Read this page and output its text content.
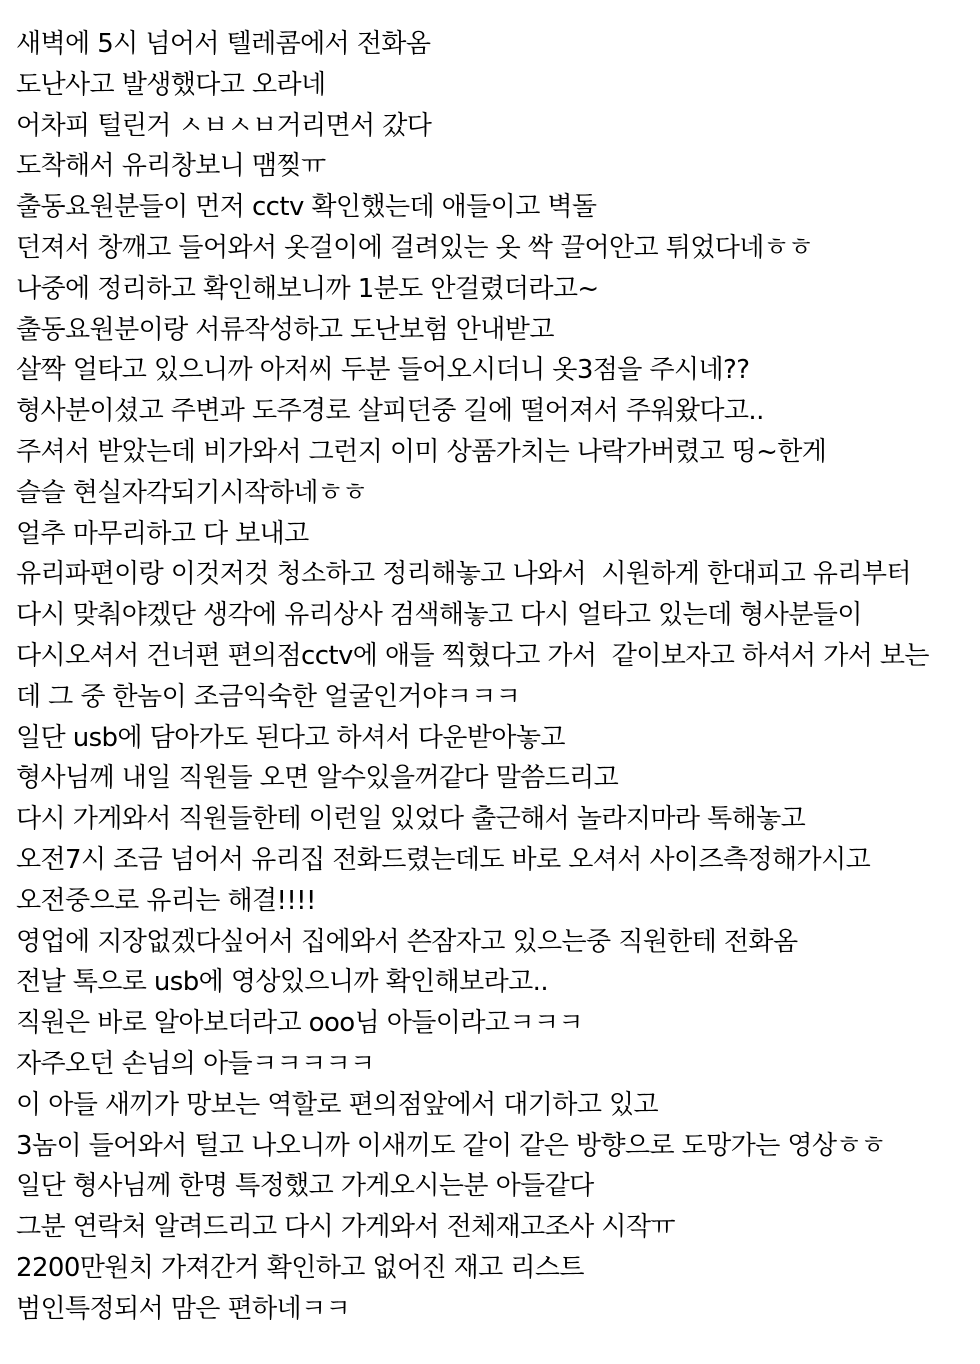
새벽에 5시 넘어서 텔레콤에서 전화옴
도난사고 발생했다고 오라네
어차피 털린거 ㅅㅂㅅㅂ거리면서 갔다
도착해서 유리창보니 맴찢ㅠ
출동요원분들이 먼저 cctv 확인했는데 애들이고 벽돌
던져서 창깨고 들어와서 옷걸이에 걸려있는 옷 싹 끌어안고 튀었다네ㅎㅎ
나중에 정리하고 확인해보니까 1분도 안걸렸더라고~
출동요원분이랑 서류작성하고 도난보험 안내받고
살짝 얼타고 있으니까 아저씨 두분 들어오시더니 옷3점을 주시네??
형사분이셨고 주변과 도주경로 살피던중 길에 떨어져서 주워왔다고..
주셔서 받았는데 비가와서 그런지 이미 상품가치는 나락가버렸고 띵~한게
슬슬 현실자각되기시작하네ㅎㅎ
얼추 마무리하고 다 보내고
유리파편이랑 이것저것 청소하고 정리해놓고 나와서  시원하게 한대피고 유리부터
다시 맞춰야겠단 생각에 유리상사 검색해놓고 다시 얼타고 있는데 형사분들이
다시오셔서 건너편 편의점cctv에 애들 찍혔다고 가서  같이보자고 하셔서 가서 보는
데 그 중 한놈이 조금익숙한 얼굴인거야ㅋㅋㅋ
일단 usb에 담아가도 된다고 하셔서 다운받아놓고
형사님께 내일 직원들 오면 알수있을꺼같다 말씀드리고
다시 가게와서 직원들한테 이런일 있었다 출근해서 놀라지마라 톡해놓고
오전7시 조금 넘어서 유리집 전화드렸는데도 바로 오셔서 사이즈측정해가시고
오전중으로 유리는 해결!!!!
영업에 지장없겠다싶어서 집에와서 쓴잠자고 있으는중 직원한테 전화옴
전날 톡으로 usb에 영상있으니까 확인해보라고..
직원은 바로 알아보더라고 ooo님 아들이라고ㅋㅋㅋ
자주오던 손님의 아들ㅋㅋㅋㅋㅋ
이 아들 새끼가 망보는 역할로 편의점앞에서 대기하고 있고
3놈이 들어와서 털고 나오니까 이새끼도 같이 같은 방향으로 도망가는 영상ㅎㅎ
일단 형사님께 한명 특정했고 가게오시는분 아들같다
그분 연락처 알려드리고 다시 가게와서 전체재고조사 시작ㅠ
2200만원치 가져간거 확인하고 없어진 재고 리스트
범인특정되서 맘은 편하네ㅋㅋ
